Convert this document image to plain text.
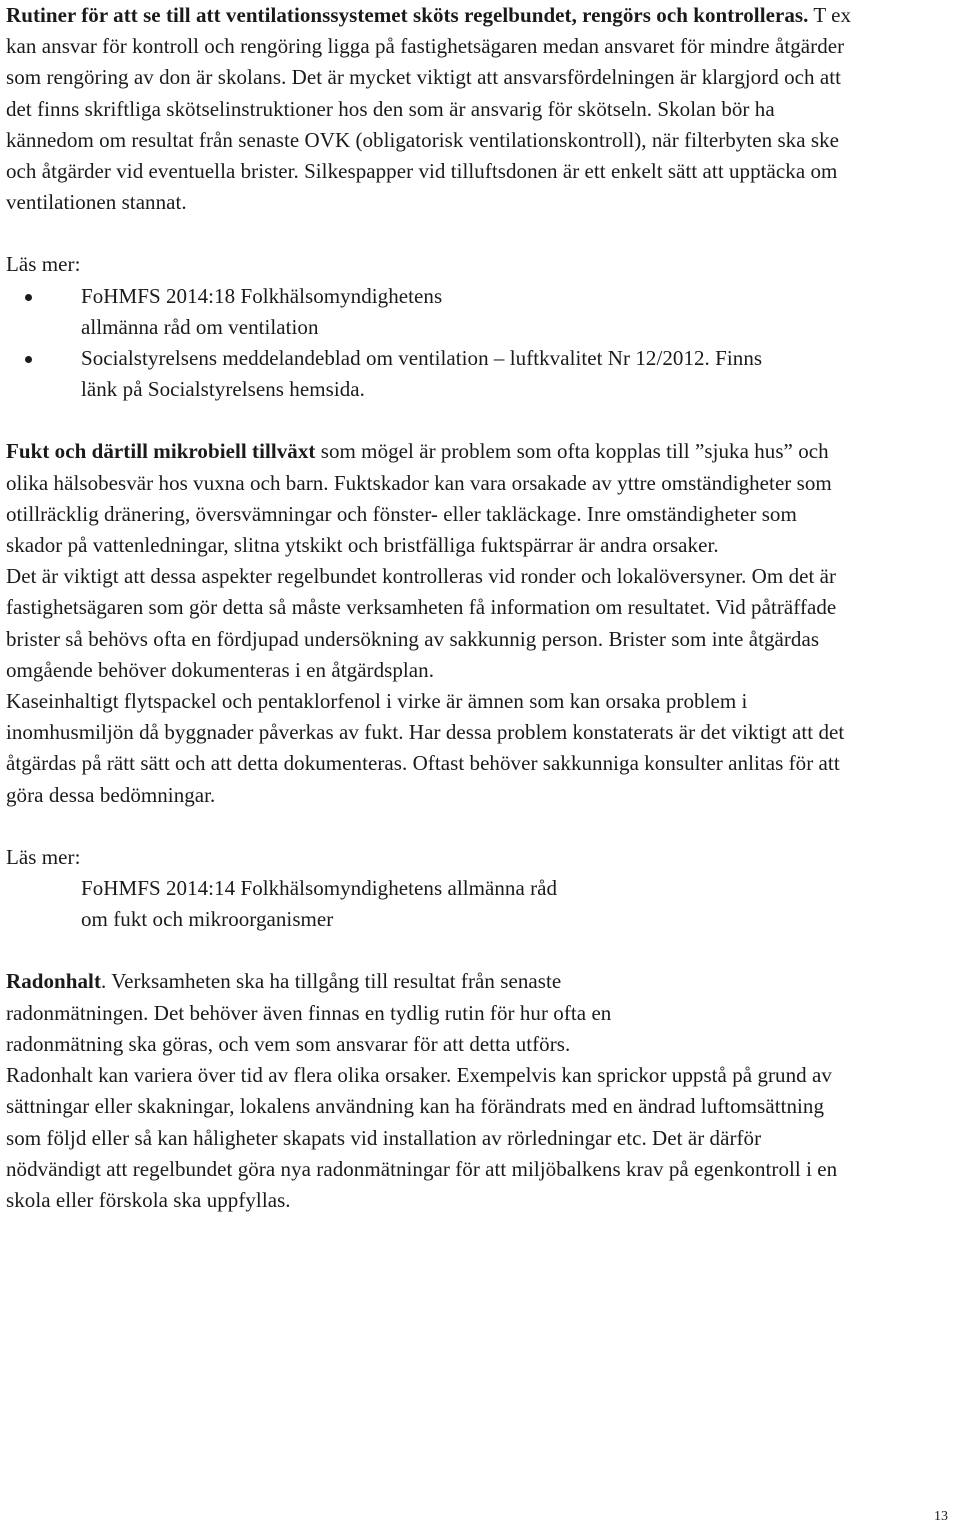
Rutiner för att se till att ventilationssystemet sköts regelbundet, rengörs och kontrolleras. T ex kan ansvar för kontroll och rengöring ligga på fastighetsägaren medan ansvaret för mindre åtgärder som rengöring av don är skolans. Det är mycket viktigt att ansvarsfördelningen är klargjord och att det finns skriftliga skötselinstruktioner hos den som är ansvarig för skötseln. Skolan bör ha kännedom om resultat från senaste OVK (obligatorisk ventilationskontroll), när filterbyten ska ske och åtgärder vid eventuella brister. Silkespapper vid tilluftsdonen är ett enkelt sätt att upptäcka om ventilationen stannat.

Läs mer:

FoHMFS 2014:18 Folkhälsomyndighetens allmänna råd om ventilation
Socialstyrelsens meddelandeblad om ventilation – luftkvalitet Nr 12/2012. Finns länk på Socialstyrelsens hemsida.

Fukt och därtill mikrobiell tillväxt som mögel är problem som ofta kopplas till ”sjuka hus” och olika hälsobesvär hos vuxna och barn. Fuktskador kan vara orsakade av yttre omständigheter som otillräcklig dränering, översvämningar och fönster- eller takläckage. Inre omständigheter som skador på vattenledningar, slitna ytskikt och bristfälliga fuktspärrar är andra orsaker.

Det är viktigt att dessa aspekter regelbundet kontrolleras vid ronder och lokalöversyner. Om det är fastighetsägaren som gör detta så måste verksamheten få information om resultatet. Vid påträffade brister så behövs ofta en fördjupad undersökning av sakkunnig person. Brister som inte åtgärdas omgående behöver dokumenteras i en åtgärdsplan.

Kaseinhaltigt flytspackel och pentaklorfenol i virke är ämnen som kan orsaka problem i inomhusmiljön då byggnader påverkas av fukt. Har dessa problem konstaterats är det viktigt att det åtgärdas på rätt sätt och att detta dokumenteras. Oftast behöver sakkunniga konsulter anlitas för att göra dessa bedömningar.

Läs mer:

FoHMFS 2014:14 Folkhälsomyndighetens allmänna råd

om fukt och mikroorganismer

Radonhalt. Verksamheten ska ha tillgång till resultat från senaste radonmätningen. Det behöver även finnas en tydlig rutin för hur ofta en radonmätning ska göras, och vem som ansvarar för att detta utförs.

Radonhalt kan variera över tid av flera olika orsaker. Exempelvis kan sprickor uppstå på grund av sättningar eller skakningar, lokalens användning kan ha förändrats med en ändrad luftomsättning som följd eller så kan håligheter skapats vid installation av rörledningar etc. Det är därför nödvändigt att regelbundet göra nya radonmätningar för att miljöbalkens krav på egenkontroll i en skola eller förskola ska uppfyllas.

13
